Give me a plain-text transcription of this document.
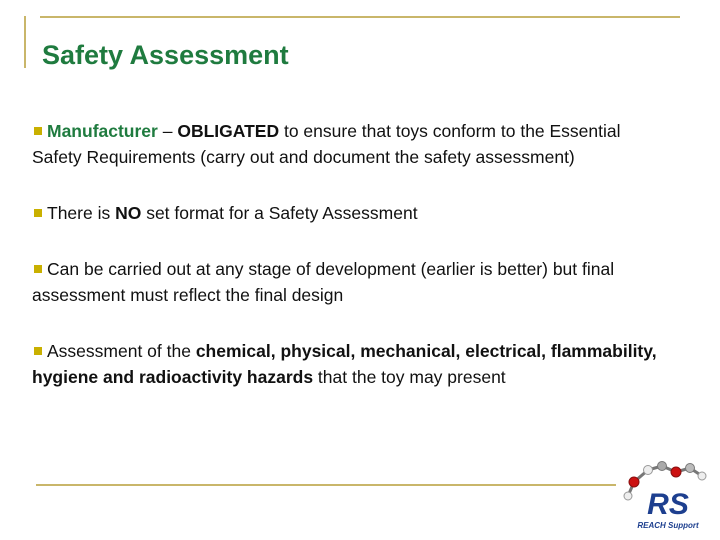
Safety Assessment

Manufacturer – OBLIGATED to ensure that toys conform to the Essential Safety Requirements (carry out and document the safety assessment)

There is NO set format for a Safety Assessment

Can be carried out at any stage of development (earlier is better) but final assessment must reflect the final design

Assessment of the chemical, physical, mechanical, electrical, flammability, hygiene and radioactivity hazards that the toy may present

RS
REACH Support
